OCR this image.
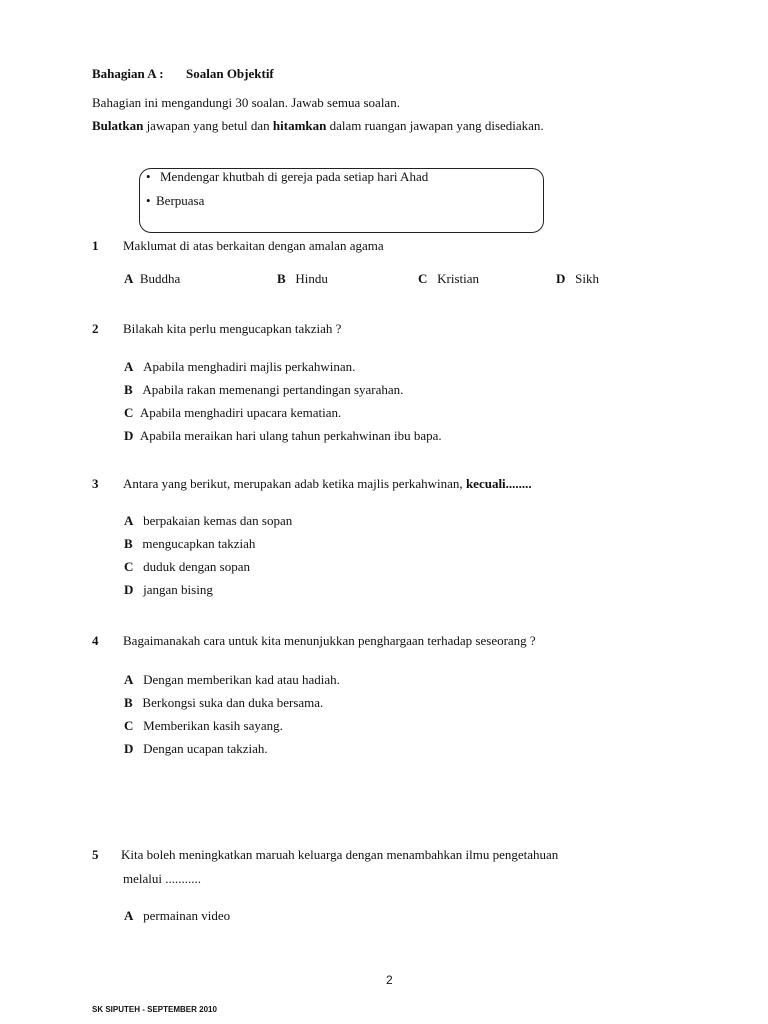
Bahagian A : Soalan Objektif
Bahagian ini mengandungi 30 soalan. Jawab semua soalan.
Bulatkan jawapan yang betul dan hitamkan dalam ruangan jawapan yang disediakan.
• Mendengar khutbah di gereja pada setiap hari Ahad
• Berpuasa
1 Maklumat di atas berkaitan dengan amalan agama
A Buddha	B Hindu	C Kristian	D Sikh
2 Bilakah kita perlu mengucapkan takziah ?
A Apabila menghadiri majlis perkahwinan.
B Apabila rakan memenangi pertandingan syarahan.
C Apabila menghadiri upacara kematian.
D Apabila meraikan hari ulang tahun perkahwinan ibu bapa.
3 Antara yang berikut, merupakan adab ketika majlis perkahwinan, kecuali........
A berpakaian kemas dan sopan
B mengucapkan takziah
C duduk dengan sopan
D jangan bising
4 Bagaimanakah cara untuk kita menunjukkan penghargaan terhadap seseorang ?
A Dengan memberikan kad atau hadiah.
B Berkongsi suka dan duka bersama.
C Memberikan kasih sayang.
D Dengan ucapan takziah.
5 Kita boleh meningkatkan maruah keluarga dengan menambahkan ilmu pengetahuan
melalui ...........
A permainan video
2
SK SIPUTEH - SEPTEMBER 2010
